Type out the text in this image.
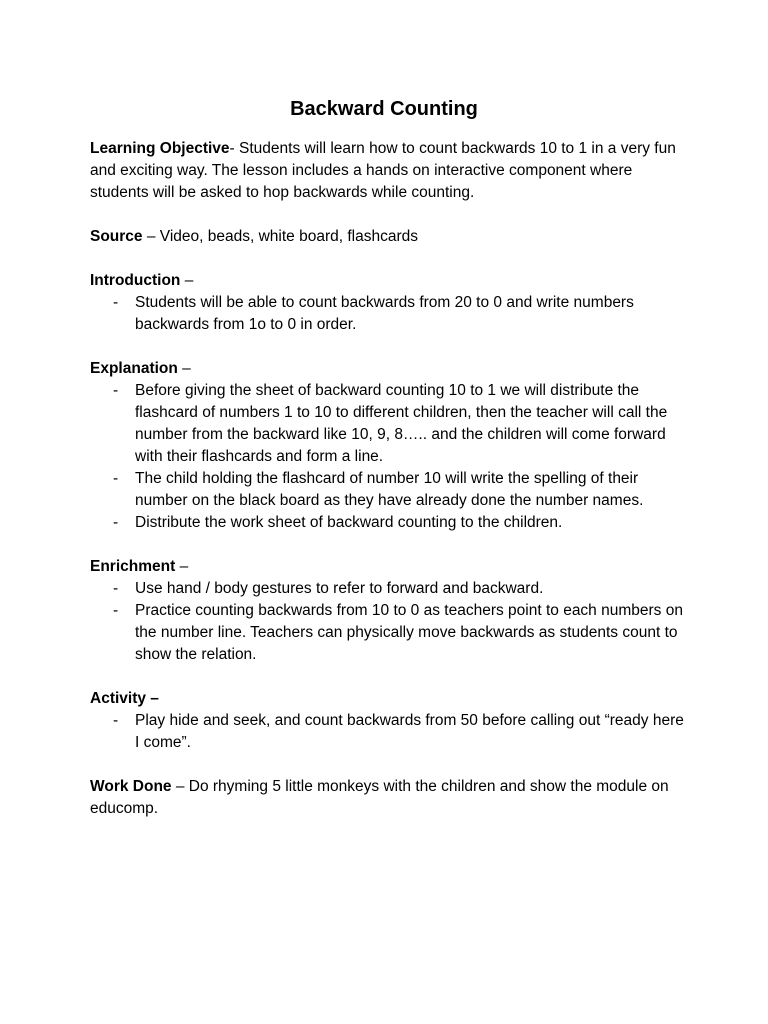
Backward Counting

Learning Objective- Students will learn how to count backwards 10 to 1 in a very fun and exciting way. The lesson includes a hands on interactive component where students will be asked to hop backwards while counting.

Source – Video, beads, white board, flashcards

Introduction –

- Students will be able to count backwards from 20 to 0 and write numbers backwards from 1o to 0 in order.

Explanation –

- Before giving the sheet of backward counting 10 to 1 we will distribute the flashcard of numbers 1 to 10 to different children, then the teacher will call the number from the backward like 10, 9, 8….. and the children will come forward with their flashcards and form a line.
- The child holding the flashcard of number 10 will write the spelling of their number on the black board as they have already done the number names.
- Distribute the work sheet of backward counting to the children.

Enrichment –

- Use hand / body gestures to refer to forward and backward.
- Practice counting backwards from 10 to 0 as teachers point to each numbers on the number line. Teachers can physically move backwards as students count to show the relation.

Activity –

- Play hide and seek, and count backwards from 50 before calling out “ready here I come”.

Work Done – Do rhyming 5 little monkeys with the children and show the module on educomp.
